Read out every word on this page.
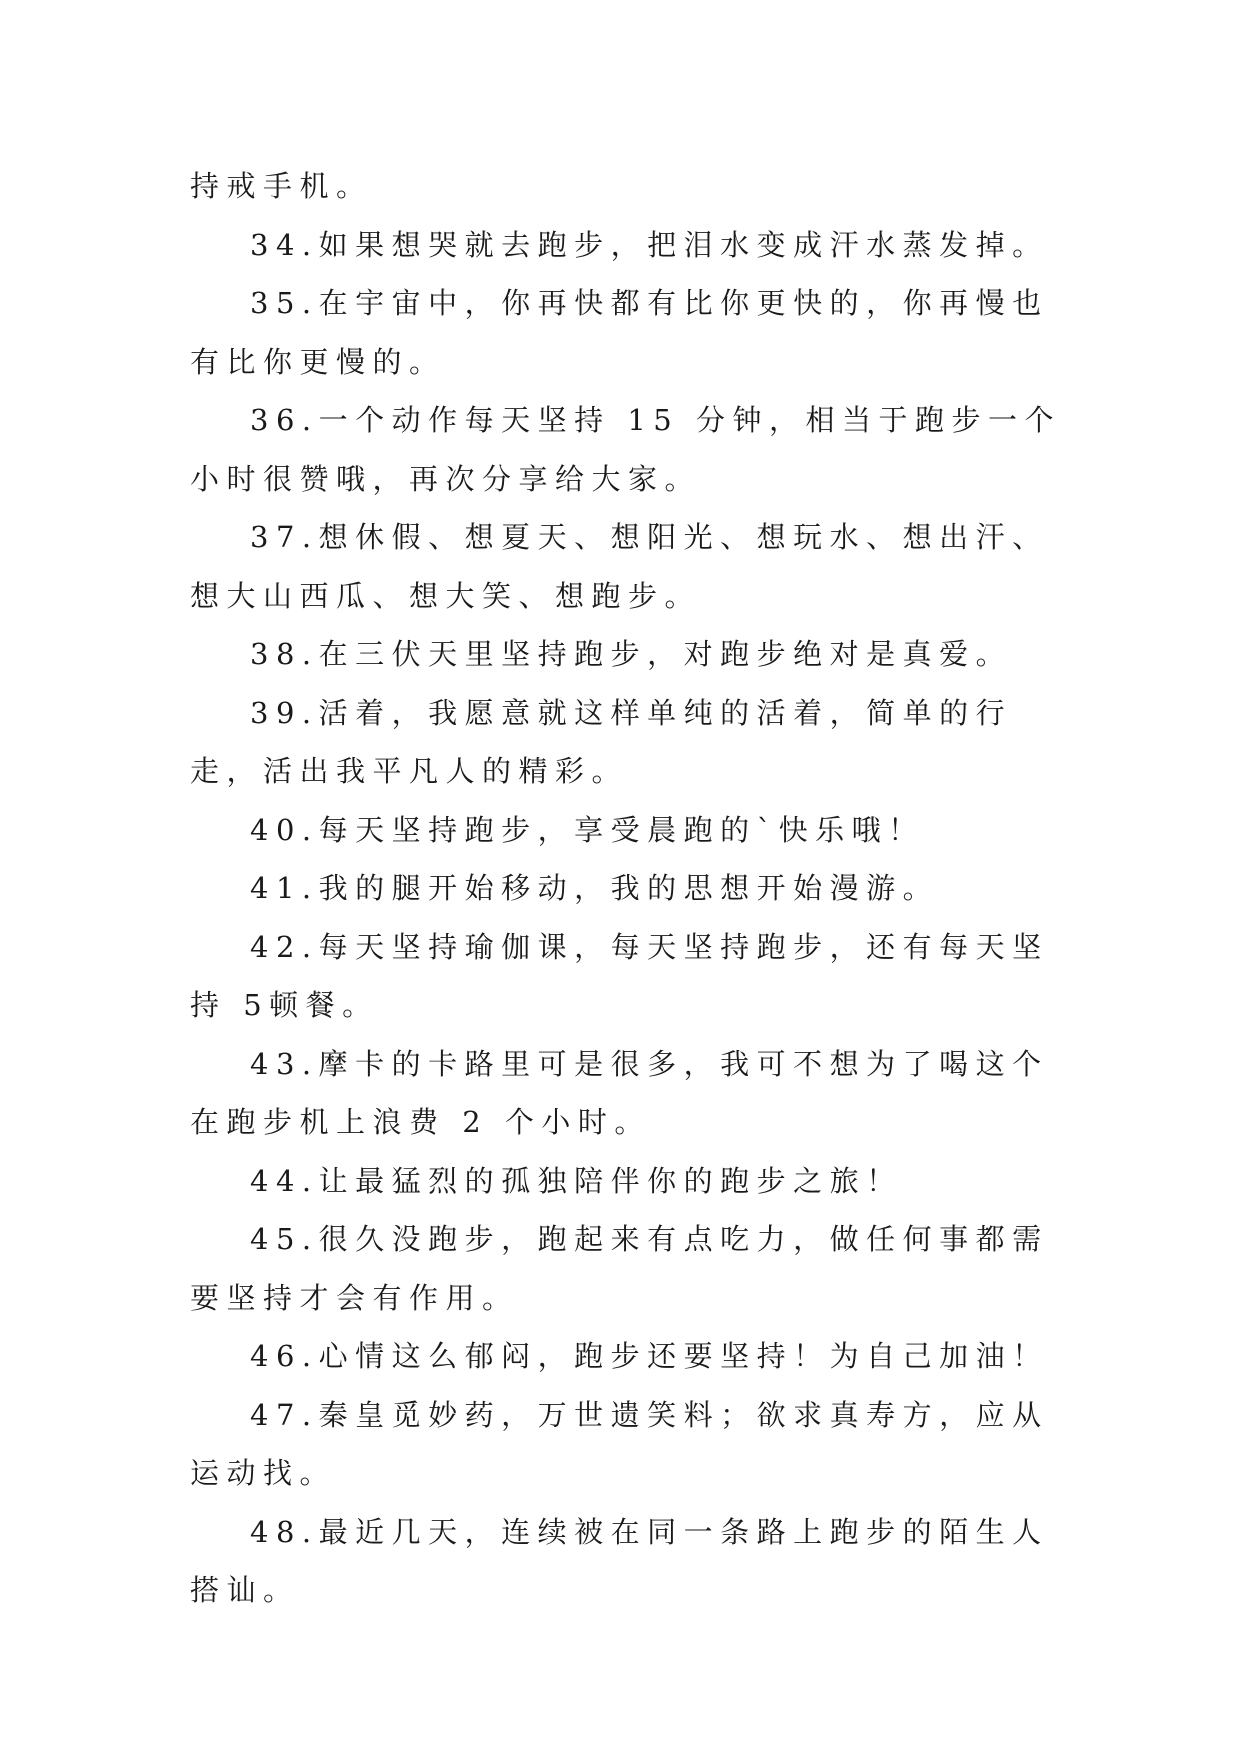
持戒手机。

34.如果想哭就去跑步，把泪水变成汗水蒸发掉。

35.在宇宙中，你再快都有比你更快的，你再慢也有比你更慢的。

36.一个动作每天坚持 15 分钟，相当于跑步一个小时很赞哦，再次分享给大家。

37.想休假、想夏天、想阳光、想玩水、想出汗、想大山西瓜、想大笑、想跑步。

38.在三伏天里坚持跑步，对跑步绝对是真爱。

39.活着，我愿意就这样单纯的活着，简单的行走，活出我平凡人的精彩。

40.每天坚持跑步，享受晨跑的`快乐哦！

41.我的腿开始移动，我的思想开始漫游。

42.每天坚持瑜伽课，每天坚持跑步，还有每天坚持 5顿餐。

43.摩卡的卡路里可是很多，我可不想为了喝这个在跑步机上浪费 2 个小时。

44.让最猛烈的孤独陪伴你的跑步之旅！

45.很久没跑步，跑起来有点吃力，做任何事都需要坚持才会有作用。

46.心情这么郁闷，跑步还要坚持！为自己加油！

47.秦皇觅妙药，万世遗笑料；欲求真寿方，应从运动找。

48.最近几天，连续被在同一条路上跑步的陌生人搭讪。
